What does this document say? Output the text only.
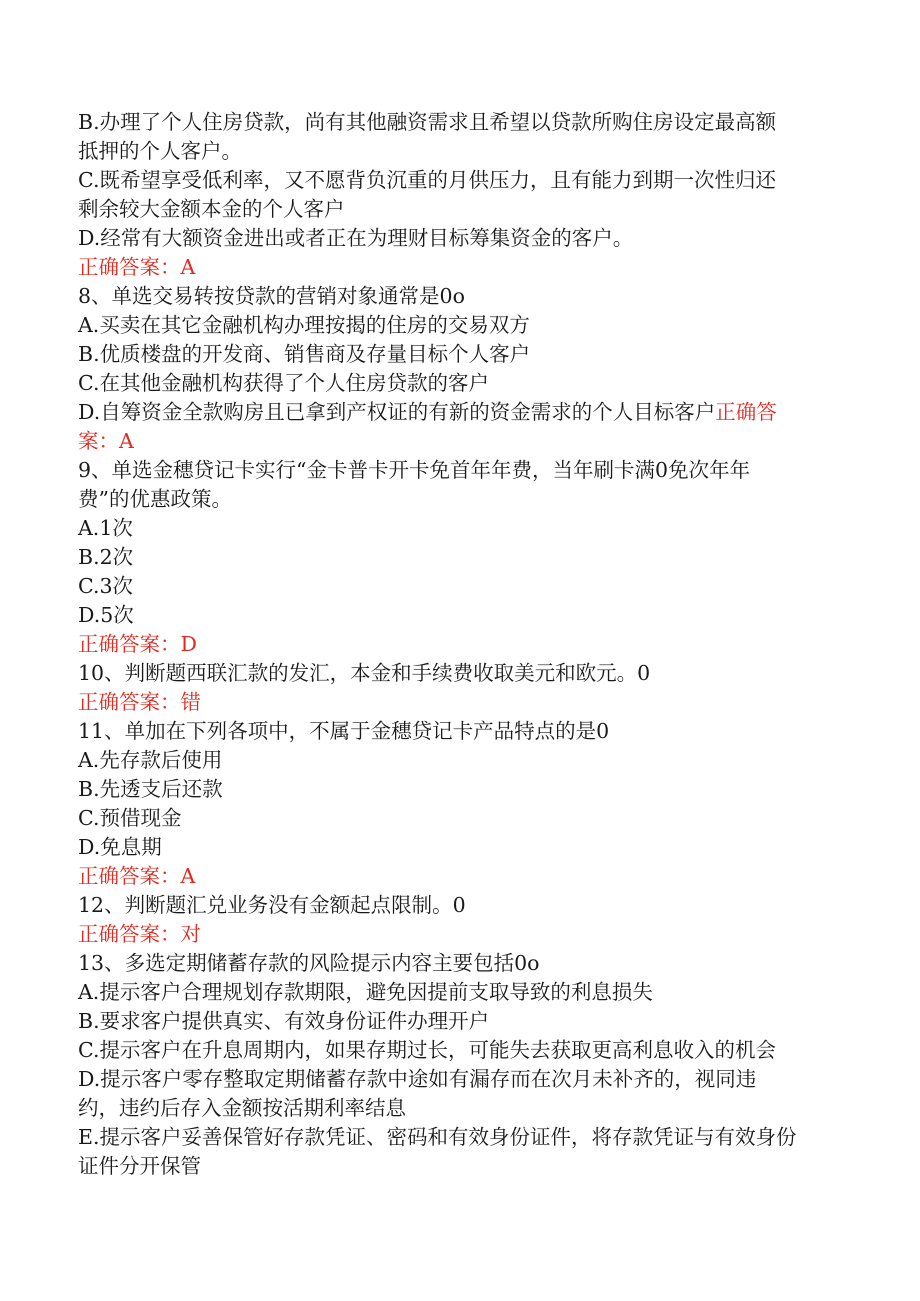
B.办理了个人住房贷款，尚有其他融资需求且希望以贷款所购住房设定最高额
抵押的个人客户。
C.既希望享受低利率，又不愿背负沉重的月供压力，且有能力到期一次性归还
剩余较大金额本金的个人客户
D.经常有大额资金进出或者正在为理财目标筹集资金的客户。
正确答案：A
8、单选交易转按贷款的营销对象通常是0o
A.买卖在其它金融机构办理按揭的住房的交易双方
B.优质楼盘的开发商、销售商及存量目标个人客户
C.在其他金融机构获得了个人住房贷款的客户
D.自筹资金全款购房且已拿到产权证的有新的资金需求的个人目标客户正确答
案：A
9、单选金穗贷记卡实行“金卡普卡开卡免首年年费，当年刷卡满0免次年年
费”的优惠政策。
A.1次
B.2次
C.3次
D.5次
正确答案：D
10、判断题西联汇款的发汇，本金和手续费收取美元和欧元。0
正确答案：错
11、单加在下列各项中，不属于金穗贷记卡产品特点的是0
A.先存款后使用
B.先透支后还款
C.预借现金
D.免息期
正确答案：A
12、判断题汇兑业务没有金额起点限制。0
正确答案：对
13、多选定期储蓄存款的风险提示内容主要包括0o
A.提示客户合理规划存款期限，避免因提前支取导致的利息损失
B.要求客户提供真实、有效身份证件办理开户
C.提示客户在升息周期内，如果存期过长，可能失去获取更高利息收入的机会
D.提示客户零存整取定期储蓄存款中途如有漏存而在次月未补齐的，视同违
约，违约后存入金额按活期利率结息
E.提示客户妥善保管好存款凭证、密码和有效身份证件，将存款凭证与有效身份
证件分开保管
